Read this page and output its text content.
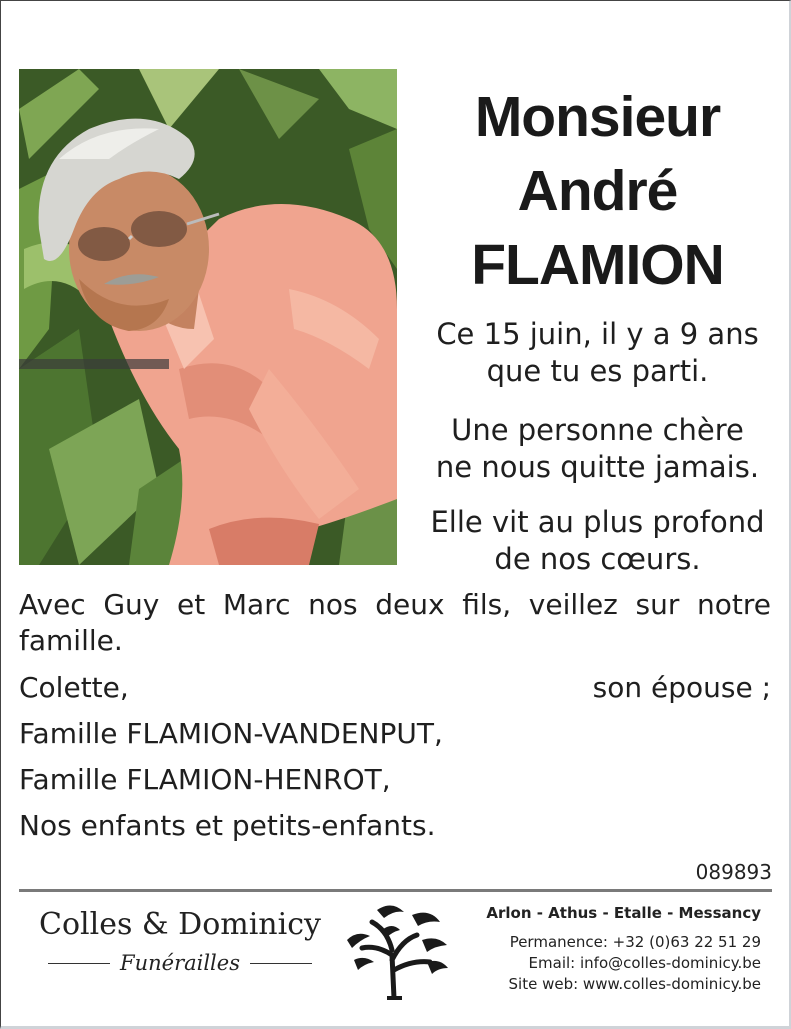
Monsieur
André
FLAMION
Ce 15 juin, il y a 9 ans
que tu es parti.
Une personne chère
ne nous quitte jamais.
Elle vit au plus profond
de nos cœurs.
Avec Guy et Marc nos deux fils, veillez sur notre famille.
Colette,	son épouse ;
Famille FLAMION-VANDENPUT,
Famille FLAMION-HENROT,
Nos enfants et petits-enfants.
089893
Colles & Dominicy
Funérailles
Arlon - Athus - Etalle - Messancy
Permanence: +32 (0)63 22 51 29
Email: info@colles-dominicy.be
Site web: www.colles-dominicy.be
